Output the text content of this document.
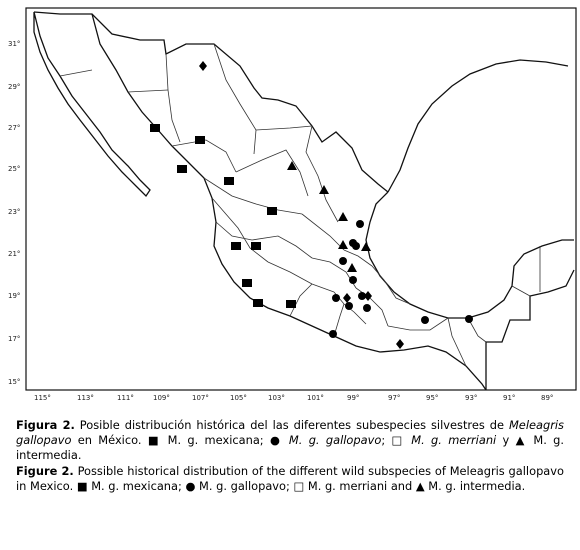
31°
29°
27°
25°
23°
21°
19°
17°
15°
115°	113°	111°	109°	107°	105°	103°	101°	99°	97°	95°	93°	91°	89°

Figura 2. Posible distribución histórica del las diferentes subespecies silvestres de Meleagris gallopavo en México. ■ M. g. mexicana; ● M. g. gallopavo; □ M. g. merriani y ▲ M. g. intermedia.

Figure 2. Possible historical distribution of the different wild subspecies of Meleagris gallopavo in Mexico. ■ M. g. mexicana; ● M. g. gallopavo; □ M. g. merriani and ▲ M. g. intermedia.
